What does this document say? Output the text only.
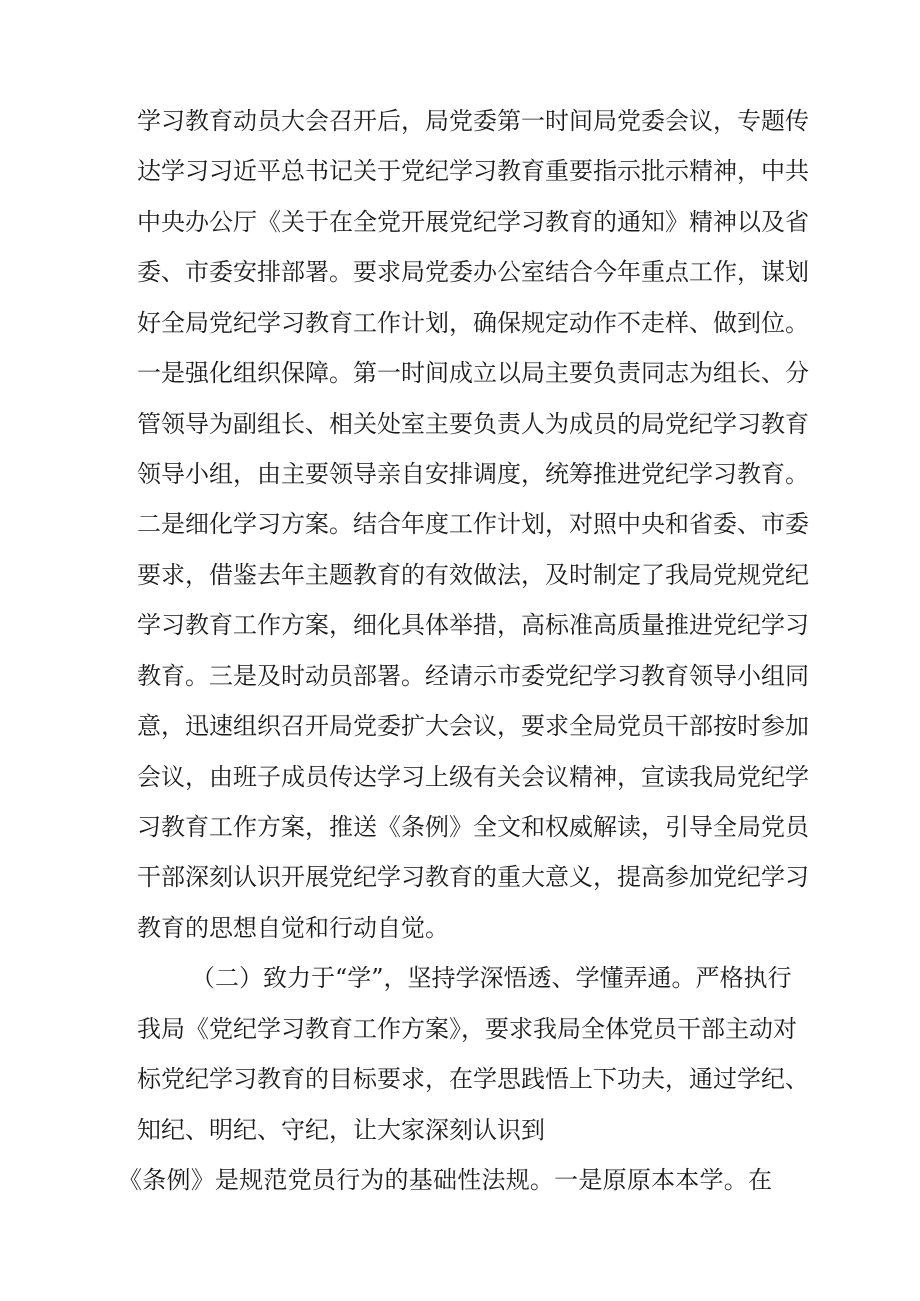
学习教育动员大会召开后，局党委第一时间局党委会议，专题传
达学习习近平总书记关于党纪学习教育重要指示批示精神，中共
中央办公厅《关于在全党开展党纪学习教育的通知》精神以及省
委、市委安排部署。要求局党委办公室结合今年重点工作，谋划
好全局党纪学习教育工作计划，确保规定动作不走样、做到位。
一是强化组织保障。第一时间成立以局主要负责同志为组长、分
管领导为副组长、相关处室主要负责人为成员的局党纪学习教育
领导小组，由主要领导亲自安排调度，统筹推进党纪学习教育。
二是细化学习方案。结合年度工作计划，对照中央和省委、市委
要求，借鉴去年主题教育的有效做法，及时制定了我局党规党纪
学习教育工作方案，细化具体举措，高标准高质量推进党纪学习
教育。三是及时动员部署。经请示市委党纪学习教育领导小组同
意，迅速组织召开局党委扩大会议，要求全局党员干部按时参加
会议，由班子成员传达学习上级有关会议精神，宣读我局党纪学
习教育工作方案，推送《条例》全文和权威解读，引导全局党员
干部深刻认识开展党纪学习教育的重大意义，提高参加党纪学习
教育的思想自觉和行动自觉。
（二）致力于“学”，坚持学深悟透、学懂弄通。严格执行
我局《党纪学习教育工作方案》，要求我局全体党员干部主动对
标党纪学习教育的目标要求，在学思践悟上下功夫，通过学纪、
知纪、明纪、守纪，让大家深刻认识到
《条例》是规范党员行为的基础性法规。一是原原本本学。在
